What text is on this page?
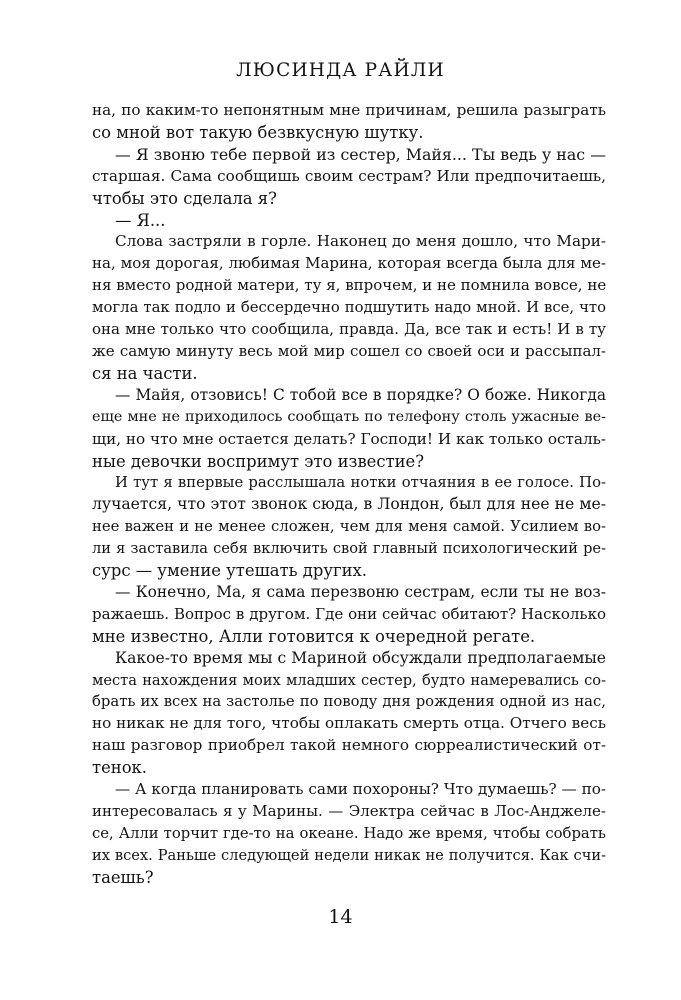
ЛЮСИНДА РАЙЛИ
на, по каким-то непонятным мне причинам, решила разыграть
со мной вот такую безвкусную шутку.
— Я звоню тебе первой из сестер, Майя... Ты ведь у нас —
старшая. Сама сообщишь своим сестрам? Или предпочитаешь,
чтобы это сделала я?
— Я...
Слова застряли в горле. Наконец до меня дошло, что Мари-
на, моя дорогая, любимая Марина, которая всегда была для ме-
ня вместо родной матери, ту я, впрочем, и не помнила вовсе, не
могла так подло и бессердечно подшутить надо мной. И все, что
она мне только что сообщила, правда. Да, все так и есть! И в ту
же самую минуту весь мой мир сошел со своей оси и рассыпал-
ся на части.
— Майя, отзовись! С тобой все в порядке? О боже. Никогда
еще мне не приходилось сообщать по телефону столь ужасные ве-
щи, но что мне остается делать? Господи! И как только осталь-
ные девочки воспримут это известие?
И тут я впервые расслышала нотки отчаяния в ее голосе. По-
лучается, что этот звонок сюда, в Лондон, был для нее не ме-
нее важен и не менее сложен, чем для меня самой. Усилием во-
ли я заставила себя включить свой главный психологический ре-
сурс — умение утешать других.
— Конечно, Ма, я сама перезвоню сестрам, если ты не воз-
ражаешь. Вопрос в другом. Где они сейчас обитают? Насколько
мне известно, Алли готовится к очередной регате.
Какое-то время мы с Мариной обсуждали предполагаемые
места нахождения моих младших сестер, будто намеревались со-
брать их всех на застолье по поводу дня рождения одной из нас,
но никак не для того, чтобы оплакать смерть отца. Отчего весь
наш разговор приобрел такой немного сюрреалистический от-
тенок.
— А когда планировать сами похороны? Что думаешь? — по-
интересовалась я у Марины. — Электра сейчас в Лос-Анджеле-
се, Алли торчит где-то на океане. Надо же время, чтобы собрать
их всех. Раньше следующей недели никак не получится. Как счи-
таешь?
14
